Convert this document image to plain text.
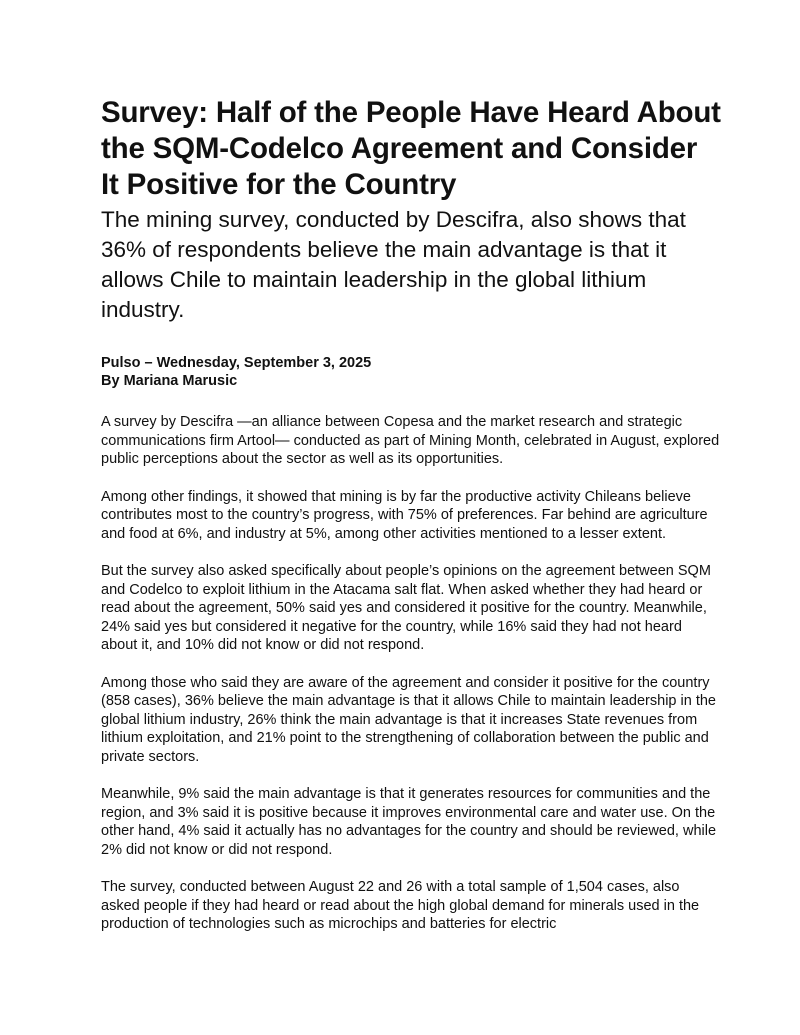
Survey: Half of the People Have Heard About the SQM-Codelco Agreement and Consider It Positive for the Country
The mining survey, conducted by Descifra, also shows that 36% of respondents believe the main advantage is that it allows Chile to maintain leadership in the global lithium industry.
Pulso – Wednesday, September 3, 2025
By Mariana Marusic

A survey by Descifra —an alliance between Copesa and the market research and strategic communications firm Artool— conducted as part of Mining Month, celebrated in August, explored public perceptions about the sector as well as its opportunities.

Among other findings, it showed that mining is by far the productive activity Chileans believe contributes most to the country’s progress, with 75% of preferences. Far behind are agriculture and food at 6%, and industry at 5%, among other activities mentioned to a lesser extent.

But the survey also asked specifically about people’s opinions on the agreement between SQM and Codelco to exploit lithium in the Atacama salt flat. When asked whether they had heard or read about the agreement, 50% said yes and considered it positive for the country. Meanwhile, 24% said yes but considered it negative for the country, while 16% said they had not heard about it, and 10% did not know or did not respond.

Among those who said they are aware of the agreement and consider it positive for the country (858 cases), 36% believe the main advantage is that it allows Chile to maintain leadership in the global lithium industry, 26% think the main advantage is that it increases State revenues from lithium exploitation, and 21% point to the strengthening of collaboration between the public and private sectors.

Meanwhile, 9% said the main advantage is that it generates resources for communities and the region, and 3% said it is positive because it improves environmental care and water use. On the other hand, 4% said it actually has no advantages for the country and should be reviewed, while 2% did not know or did not respond.

The survey, conducted between August 22 and 26 with a total sample of 1,504 cases, also asked people if they had heard or read about the high global demand for minerals used in the production of technologies such as microchips and batteries for electric
